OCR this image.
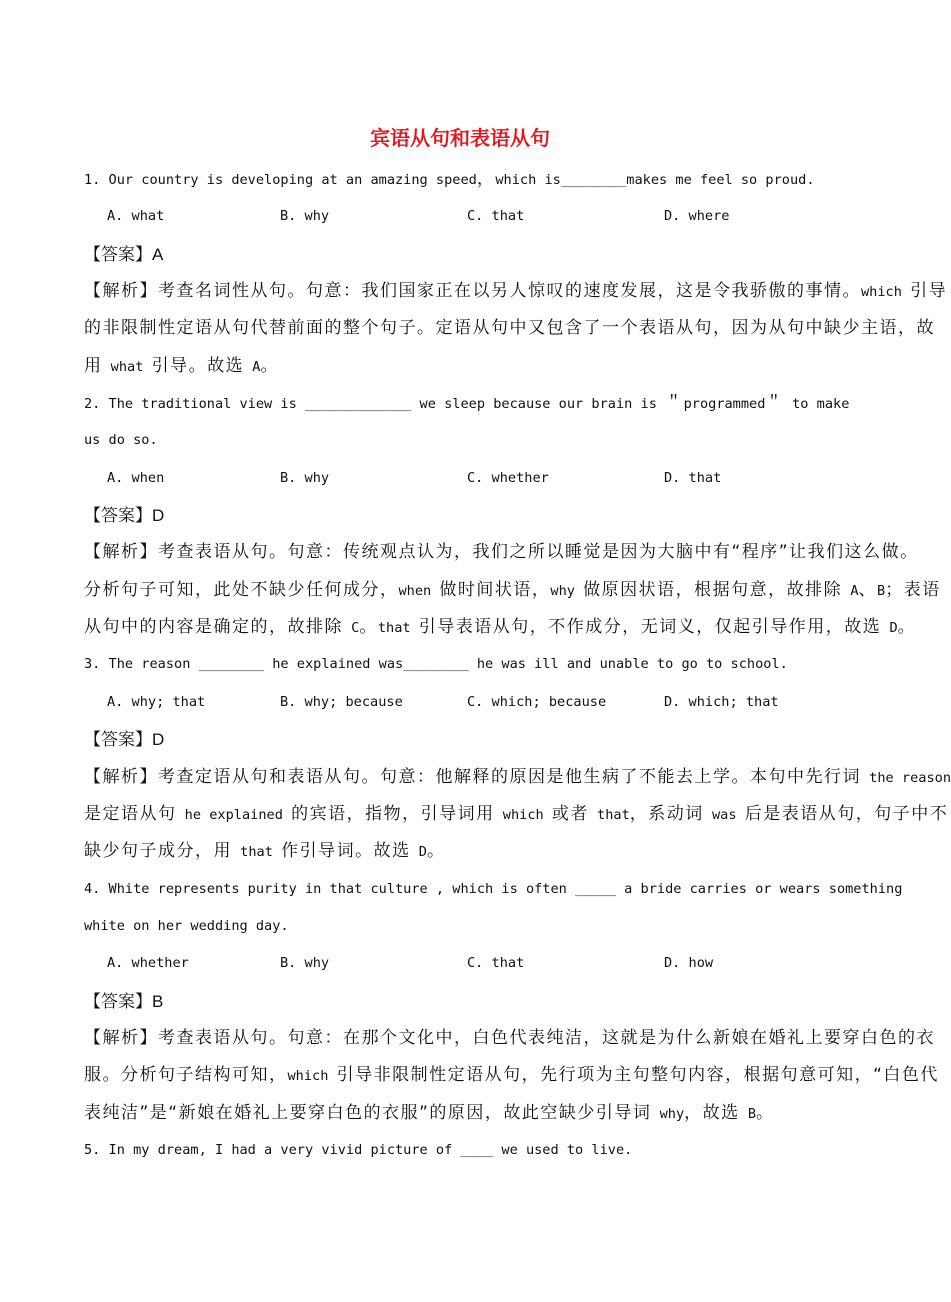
宾语从句和表语从句
1. Our country is developing at an amazing speed，which is________makes me feel so proud.
A. what	B. why	C. that	D. where
【答案】A
【解析】考查名词性从句。句意：我们国家正在以另人惊叹的速度发展，这是令我骄傲的事情。which 引导
的非限制性定语从句代替前面的整个句子。定语从句中又包含了一个表语从句，因为从句中缺少主语，故
用 what 引导。故选 A。
2. The traditional view is _____________ we sleep because our brain is ＂programmed＂ to make
us do so.
A. when	B. why	C. whether	D. that
【答案】D
【解析】考查表语从句。句意：传统观点认为，我们之所以睡觉是因为大脑中有“程序”让我们这么做。
分析句子可知，此处不缺少任何成分，when 做时间状语，why 做原因状语，根据句意，故排除 A、B；表语
从句中的内容是确定的，故排除 C。that 引导表语从句，不作成分，无词义，仅起引导作用，故选 D。
3. The reason ________ he explained was________ he was ill and unable to go to school.
A. why; that	B. why; because	C. which; because	D. which; that
【答案】D
【解析】考查定语从句和表语从句。句意：他解释的原因是他生病了不能去上学。本句中先行词 the reason
是定语从句 he explained 的宾语，指物，引导词用 which 或者 that，系动词 was 后是表语从句，句子中不
缺少句子成分，用 that 作引导词。故选 D。
4. White represents purity in that culture , which is often _____ a bride carries or wears something
white on her wedding day.
A. whether	B. why	C. that	D. how
【答案】B
【解析】考查表语从句。句意：在那个文化中，白色代表纯洁，这就是为什么新娘在婚礼上要穿白色的衣
服。分析句子结构可知，which 引导非限制性定语从句，先行项为主句整句内容，根据句意可知，“白色代
表纯洁”是“新娘在婚礼上要穿白色的衣服”的原因，故此空缺少引导词 why，故选 B。
5. In my dream, I had a very vivid picture of ____ we used to live.
